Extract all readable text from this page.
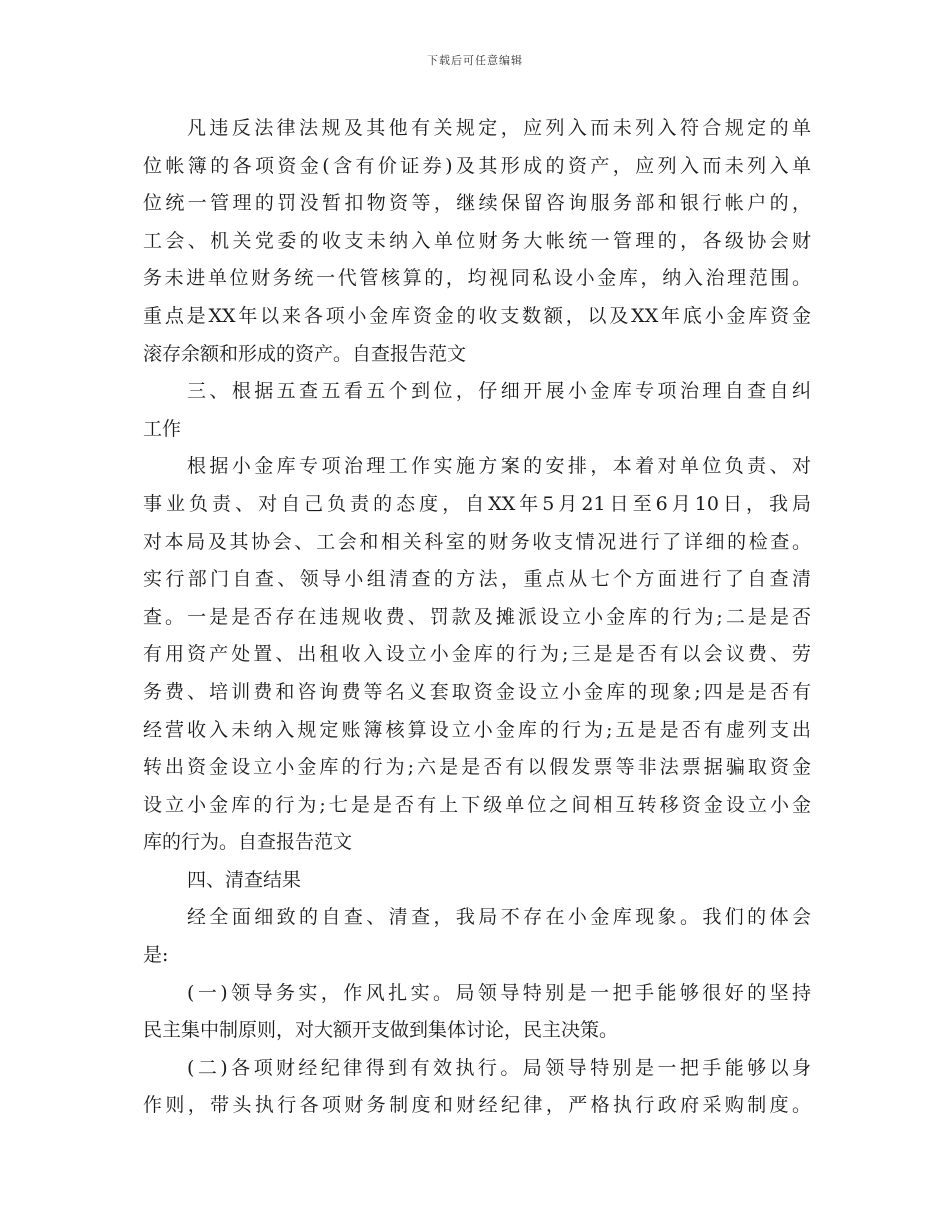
下载后可任意编辑
凡违反法律法规及其他有关规定，应列入而未列入符合规定的单
位帐簿的各项资金(含有价证券)及其形成的资产，应列入而未列入单
位统一管理的罚没暂扣物资等，继续保留咨询服务部和银行帐户的，
工会、机关党委的收支未纳入单位财务大帐统一管理的，各级协会财
务未进单位财务统一代管核算的，均视同私设小金库，纳入治理范围。
重点是XX年以来各项小金库资金的收支数额，以及XX年底小金库资金
滚存余额和形成的资产。自查报告范文
三、根据五查五看五个到位，仔细开展小金库专项治理自查自纠
工作
根据小金库专项治理工作实施方案的安排，本着对单位负责、对
事业负责、对自己负责的态度，自XX年5月21日至6月10日，我局
对本局及其协会、工会和相关科室的财务收支情况进行了详细的检查。
实行部门自查、领导小组清查的方法，重点从七个方面进行了自查清
查。一是是否存在违规收费、罚款及摊派设立小金库的行为;二是是否
有用资产处置、出租收入设立小金库的行为;三是是否有以会议费、劳
务费、培训费和咨询费等名义套取资金设立小金库的现象;四是是否有
经营收入未纳入规定账簿核算设立小金库的行为;五是是否有虚列支出
转出资金设立小金库的行为;六是是否有以假发票等非法票据骗取资金
设立小金库的行为;七是是否有上下级单位之间相互转移资金设立小金
库的行为。自查报告范文
四、清查结果
经全面细致的自查、清查，我局不存在小金库现象。我们的体会
是:
(一)领导务实，作风扎实。局领导特别是一把手能够很好的坚持
民主集中制原则，对大额开支做到集体讨论，民主决策。
(二)各项财经纪律得到有效执行。局领导特别是一把手能够以身
作则，带头执行各项财务制度和财经纪律，严格执行政府采购制度。
